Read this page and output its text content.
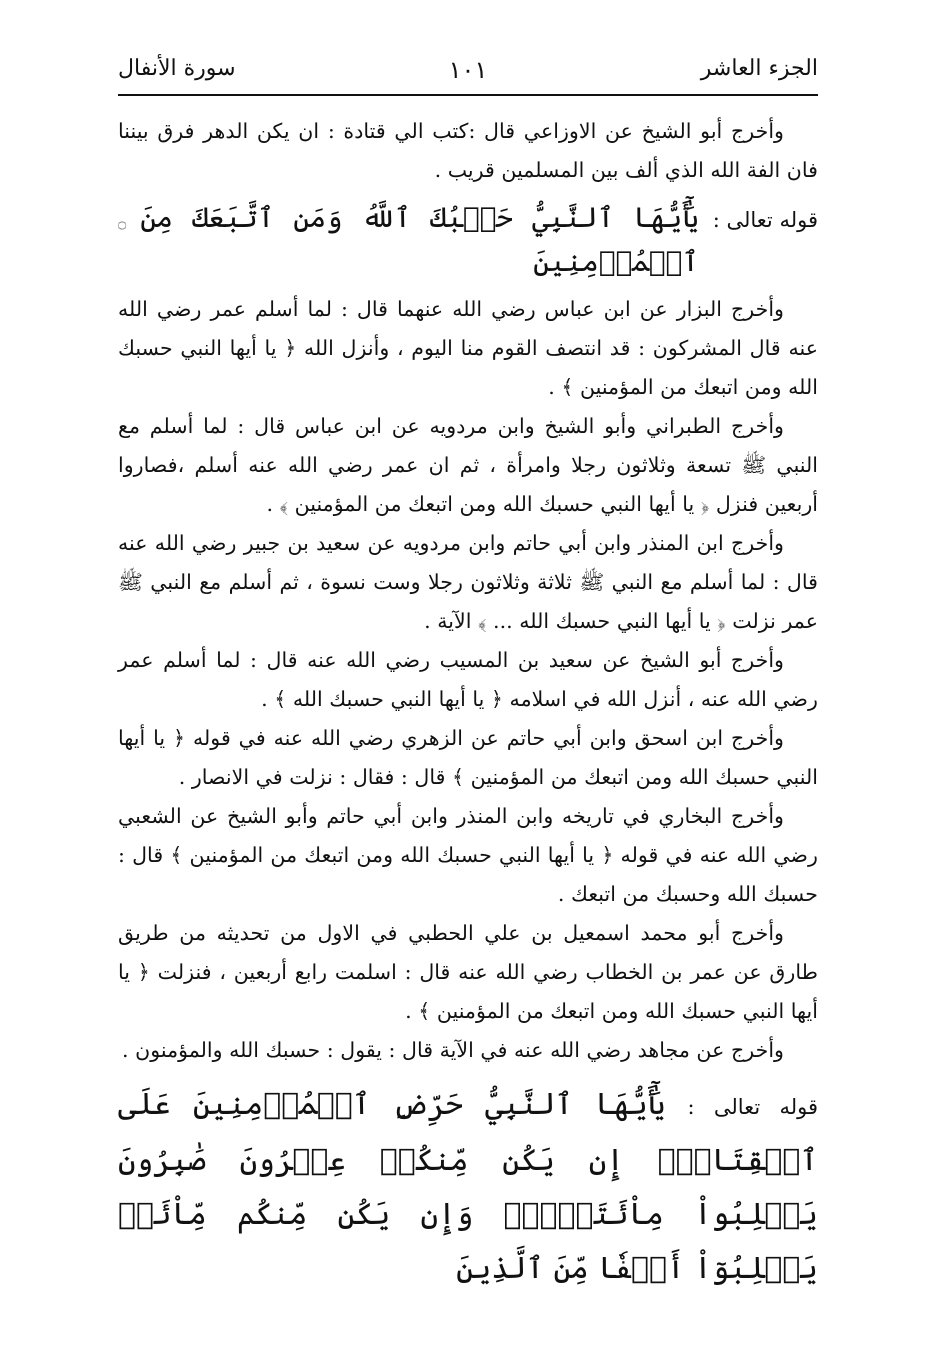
الجزء العاشر
١٠١
سورة الأنفال

وأخرج أبو الشيخ عن الاوزاعي قال :كتب الي قتادة : ان يكن الدهر فرق بيننا فان الفة الله الذي ألف بين المسلمين قريب .

قوله تعالى :
يَٰٓأَيُّهَا ٱلنَّبِيُّ حَسۡبُكَ ٱللَّهُ وَمَنِ ٱتَّبَعَكَ مِنَ ٱلۡمُؤۡمِنِينَ
۝

وأخرج البزار عن ابن عباس رضي الله عنهما قال : لما أسلم عمر رضي الله عنه قال المشركون : قد انتصف القوم منا اليوم ، وأنزل الله ﴿ يا أيها النبي حسبك الله ومن اتبعك من المؤمنين ﴾ .

وأخرج الطبراني وأبو الشيخ وابن مردويه عن ابن عباس قال : لما أسلم مع النبي ﷺ تسعة وثلاثون رجلا وامرأة ، ثم ان عمر رضي الله عنه أسلم ،فصاروا أربعين فنزل ﴿ يا أيها النبي حسبك الله ومن اتبعك من المؤمنين ﴾ .

وأخرج ابن المنذر وابن أبي حاتم وابن مردويه عن سعيد بن جبير رضي الله عنه قال : لما أسلم مع النبي ﷺ ثلاثة وثلاثون رجلا وست نسوة ، ثم أسلم مع النبي ﷺ عمر نزلت ﴿ يا أيها النبي حسبك الله ... ﴾ الآية .

وأخرج أبو الشيخ عن سعيد بن المسيب رضي الله عنه قال : لما أسلم عمر رضي الله عنه ، أنزل الله في اسلامه ﴿ يا أيها النبي حسبك الله ﴾ .

وأخرج ابن اسحق وابن أبي حاتم عن الزهري رضي الله عنه في قوله ﴿ يا أيها النبي حسبك الله ومن اتبعك من المؤمنين ﴾ قال : فقال : نزلت في الانصار .

وأخرج البخاري في تاريخه وابن المنذر وابن أبي حاتم وأبو الشيخ عن الشعبي رضي الله عنه في قوله ﴿ يا أيها النبي حسبك الله ومن اتبعك من المؤمنين ﴾ قال : حسبك الله وحسبك من اتبعك .

وأخرج أبو محمد اسمعيل بن علي الحطبي في الاول من تحديثه من طريق طارق عن عمر بن الخطاب رضي الله عنه قال : اسلمت رابع أربعين ، فنزلت ﴿ يا أيها النبي حسبك الله ومن اتبعك من المؤمنين ﴾ .

وأخرج عن مجاهد رضي الله عنه في الآية قال : يقول : حسبك الله والمؤمنون .

قوله تعالى : يَٰٓأَيُّهَا ٱلنَّبِيُّ حَرِّضِ ٱلۡمُؤۡمِنِينَ عَلَى ٱلۡقِتَالِۚ إِن يَكُن مِّنكُمۡ عِشۡرُونَ صَٰبِرُونَ يَغۡلِبُواْ مِاْئَتَيۡنِۚ وَإِن يَكُن مِّنكُم مِّاْئَةٞ يَغۡلِبُوٓاْ أَلۡفٗا مِّنَ ٱلَّذِينَ
